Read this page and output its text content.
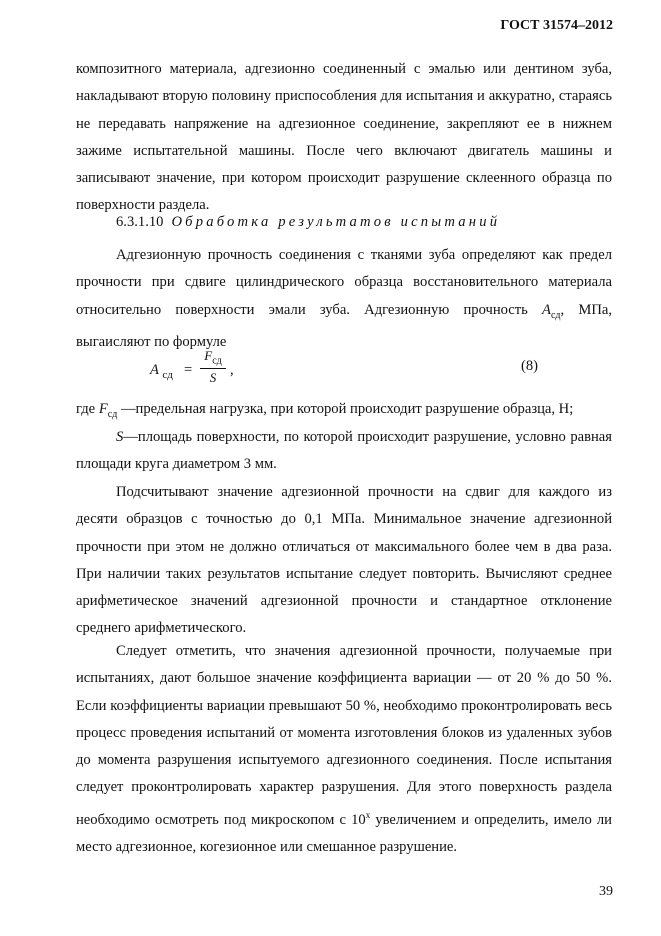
ГОСТ 31574–2012
композитного материала, адгезионно соединенный с эмалью или дентином зуба, накладывают вторую половину приспособления для испытания и аккуратно, стараясь не передавать напряжение на адгезионное соединение, закрепляют ее в нижнем зажиме испытательной машины. После чего включают двигатель машины и записывают значение, при котором происходит разрушение склеенного образца по поверхности раздела.
6.3.1.10 Обработка результатов испытаний
Адгезионную прочность соединения с тканями зуба определяют как предел прочности при сдвиге цилиндрического образца восстановительного материала относительно поверхности эмали зуба. Адгезионную прочность $A_{сд}$, МПа, выгаисляют по формуле
A $_{сд}$ =
$F_{сд}$
S ,	(8)
где $F_{сд}$ —предельная нагрузка, при которой происходит разрушение образца, Н;
S—площадь поверхности, по которой происходит разрушение, условно равная площади круга диаметром 3 мм.
Подсчитывают значение адгезионной прочности на сдвиг для каждого из десяти образцов с точностью до 0,1 МПа. Минимальное значение адгезионной прочности при этом не должно отличаться от максимального более чем в два раза. При наличии таких результатов испытание следует повторить. Вычисляют среднее арифметическое значений адгезионной прочности и стандартное отклонение среднего арифметического.
Следует отметить, что значения адгезионной прочности, получаемые при испытаниях, дают большое значение коэффициента вариации — от 20 % до 50 %. Если коэффициенты вариации превышают 50 %, необходимо проконтролировать весь процесс проведения испытаний от момента изготовления блоков из удаленных зубов до момента разрушения испытуемого адгезионного соединения. После испытания следует проконтролировать характер разрушения. Для этого поверхность раздела необходимо осмотреть под микроскопом с $10^х$ увеличением и определить, имело ли место адгезионное, когезионное или смешанное разрушение.
39
